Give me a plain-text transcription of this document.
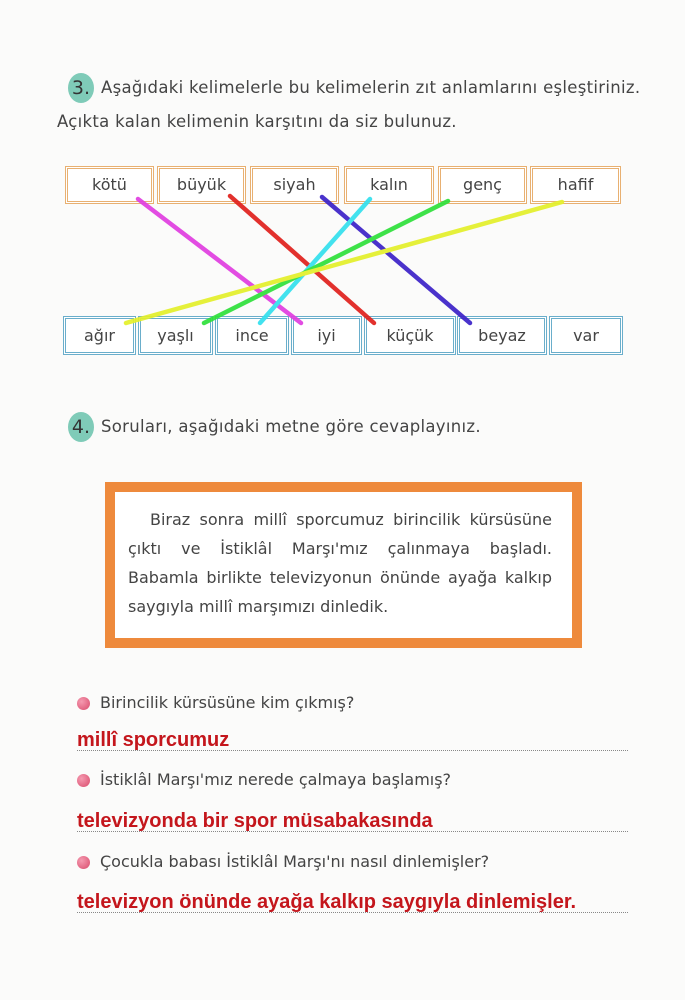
3. Aşağıdaki kelimelerle bu kelimelerin zıt anlamlarını eşleştiriniz.
Açıkta kalan kelimenin karşıtını da siz bulunuz.
kötü	büyük	siyah	kalın	genç	hafif
ağır	yaşlı	ince	iyi	küçük	beyaz	var
4. Soruları, aşağıdaki metne göre cevaplayınız.

Biraz sonra millî sporcumuz birincilik kürsüsüne çıktı ve İstiklâl Marşı'mız çalınmaya başladı. Babamla birlikte televizyonun önünde ayağa kalkıp saygıyla millî marşımızı dinledik.

Birincilik kürsüsüne kim çıkmış?
millî sporcumuz
İstiklâl Marşı'mız nerede çalmaya başlamış?
televizyonda bir spor müsabakasında
Çocukla babası İstiklâl Marşı'nı nasıl dinlemişler?
televizyon önünde ayağa kalkıp saygıyla dinlemişler.
